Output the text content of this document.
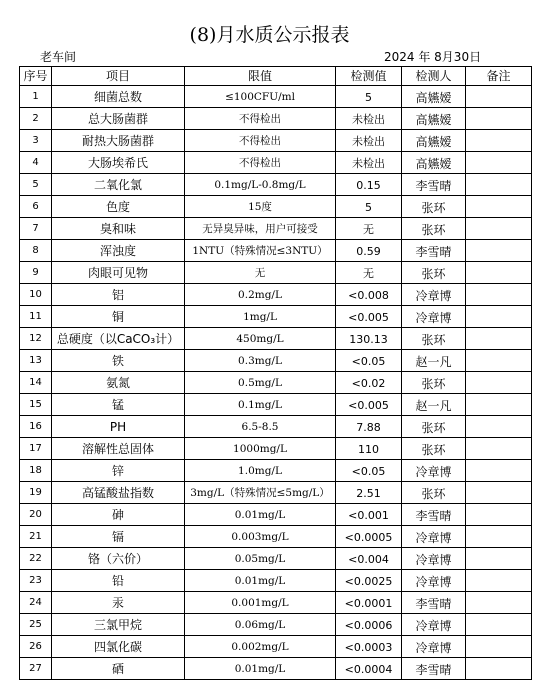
(8)月水质公示报表
老车间	2024 年 8月30日
序号	项目	限值	检测值	检测人	备注
1	细菌总数	≤100CFU/ml	5	高嬿嫒	
2	总大肠菌群	不得检出	未检出	高嬿嫒	
3	耐热大肠菌群	不得检出	未检出	高嬿嫒	
4	大肠埃希氏	不得检出	未检出	高嬿嫒	
5	二氧化氯	0.1mg/L-0.8mg/L	0.15	李雪晴	
6	色度	15度	5	张环	
7	臭和味	无异臭异味，用户可接受	无	张环	
8	浑浊度	1NTU（特殊情况≤3NTU）	0.59	李雪晴	
9	肉眼可见物	无	无	张环	
10	铝	0.2mg/L	<0.008	冷章博	
11	铜	1mg/L	<0.005	冷章博	
12	总硬度（以CaCO₃计）	450mg/L	130.13	张环	
13	铁	0.3mg/L	<0.05	赵一凡	
14	氨氮	0.5mg/L	<0.02	张环	
15	锰	0.1mg/L	<0.005	赵一凡	
16	PH	6.5-8.5	7.88	张环	
17	溶解性总固体	1000mg/L	110	张环	
18	锌	1.0mg/L	<0.05	冷章博	
19	高锰酸盐指数	3mg/L（特殊情况≤5mg/L）	2.51	张环	
20	砷	0.01mg/L	<0.001	李雪晴	
21	镉	0.003mg/L	<0.0005	冷章博	
22	铬（六价）	0.05mg/L	<0.004	冷章博	
23	铅	0.01mg/L	<0.0025	冷章博	
24	汞	0.001mg/L	<0.0001	李雪晴	
25	三氯甲烷	0.06mg/L	<0.0006	冷章博	
26	四氯化碳	0.002mg/L	<0.0003	冷章博	
27	硒	0.01mg/L	<0.0004	李雪晴	
